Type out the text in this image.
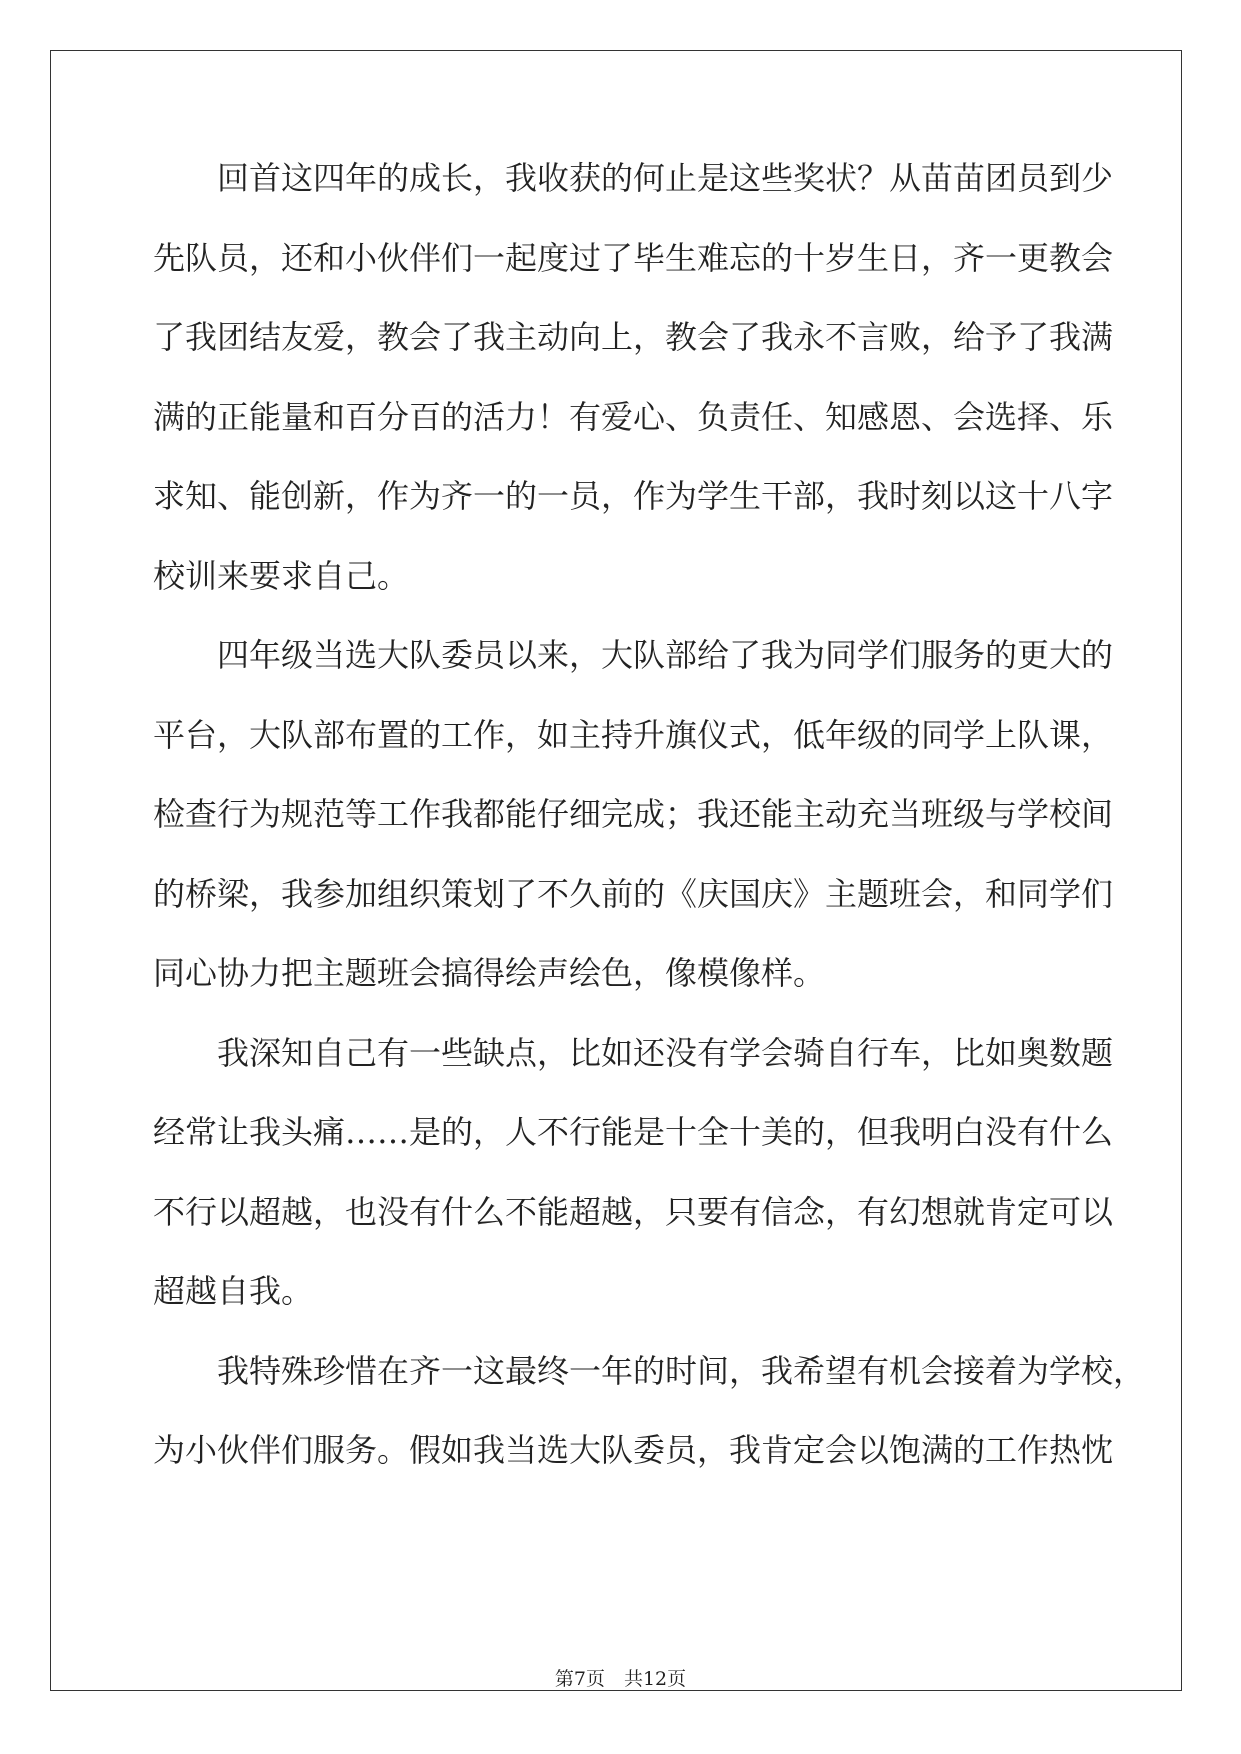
回首这四年的成长，我收获的何止是这些奖状？从苗苗团员到少
先队员，还和小伙伴们一起度过了毕生难忘的十岁生日，齐一更教会
了我团结友爱，教会了我主动向上，教会了我永不言败，给予了我满
满的正能量和百分百的活力！有爱心、负责任、知感恩、会选择、乐
求知、能创新，作为齐一的一员，作为学生干部，我时刻以这十八字
校训来要求自己。
四年级当选大队委员以来，大队部给了我为同学们服务的更大的
平台，大队部布置的工作，如主持升旗仪式，低年级的同学上队课，
检查行为规范等工作我都能仔细完成；我还能主动充当班级与学校间
的桥梁，我参加组织策划了不久前的《庆国庆》主题班会，和同学们
同心协力把主题班会搞得绘声绘色，像模像样。
我深知自己有一些缺点，比如还没有学会骑自行车，比如奥数题
经常让我头痛……是的，人不行能是十全十美的，但我明白没有什么
不行以超越，也没有什么不能超越，只要有信念，有幻想就肯定可以
超越自我。
我特殊珍惜在齐一这最终一年的时间，我希望有机会接着为学校，
为小伙伴们服务。假如我当选大队委员，我肯定会以饱满的工作热忱
第7页　共12页
